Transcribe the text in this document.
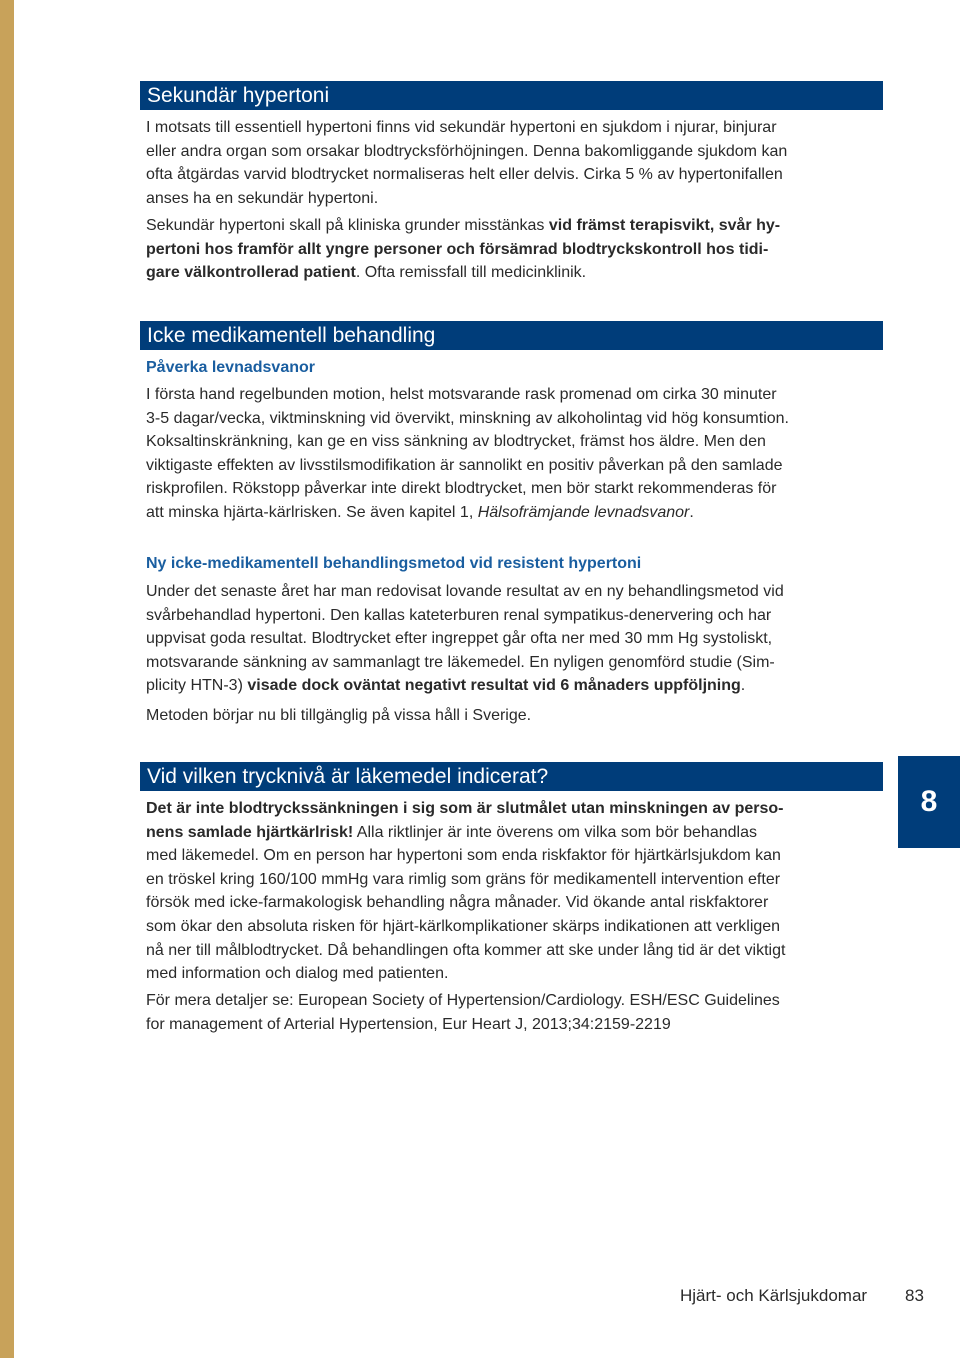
Sekundär hypertoni

I motsats till essentiell hypertoni finns vid sekundär hypertoni en sjukdom i njurar, binjurar
eller andra organ som orsakar blodtrycksförhöjningen. Denna bakomliggande sjukdom kan
ofta åtgärdas varvid blodtrycket normaliseras helt eller delvis. Cirka 5 % av hypertonifallen
anses ha en sekundär hypertoni.

Sekundär hypertoni skall på kliniska grunder misstänkas vid främst terapisvikt, svår hy-
pertoni hos framför allt yngre personer och försämrad blodtryckskontroll hos tidi-
gare välkontrollerad patient. Ofta remissfall till medicinklinik.

Icke medikamentell behandling
Påverka levnadsvanor

I första hand regelbunden motion, helst motsvarande rask promenad om cirka 30 minuter
3-5 dagar/vecka, viktminskning vid övervikt, minskning av alkoholintag vid hög konsumtion.
Koksaltinskränkning, kan ge en viss sänkning av blodtrycket, främst hos äldre. Men den
viktigaste effekten av livsstilsmodifikation är sannolikt en positiv påverkan på den samlade
riskprofilen. Rökstopp påverkar inte direkt blodtrycket, men bör starkt rekommenderas för
att minska hjärta-kärlrisken. Se även kapitel 1, Hälsofrämjande levnadsvanor.

Ny icke-medikamentell behandlingsmetod vid resistent hypertoni

Under det senaste året har man redovisat lovande resultat av en ny behandlingsmetod vid
svårbehandlad hypertoni. Den kallas kateterburen renal sympatikus-denervering och har
uppvisat goda resultat. Blodtrycket efter ingreppet går ofta ner med 30 mm Hg systoliskt,
motsvarande sänkning av sammanlagt tre läkemedel. En nyligen genomförd studie (Sim-
plicity HTN-3) visade dock oväntat negativt resultat vid 6 månaders uppföljning.

Metoden börjar nu bli tillgänglig på vissa håll i Sverige.

Vid vilken trycknivå är läkemedel indicerat?
8

Det är inte blodtryckssänkningen i sig som är slutmålet utan minskningen av perso-
nens samlade hjärtkärlrisk! Alla riktlinjer är inte överens om vilka som bör behandlas
med läkemedel. Om en person har hypertoni som enda riskfaktor för hjärtkärlsjukdom kan
en tröskel kring 160/100 mmHg vara rimlig som gräns för medikamentell intervention efter
försök med icke-farmakologisk behandling några månader. Vid ökande antal riskfaktorer
som ökar den absoluta risken för hjärt-kärlkomplikationer skärps indikationen att verkligen
nå ner till målblodtrycket. Då behandlingen ofta kommer att ske under lång tid är det viktigt
med information och dialog med patienten.

För mera detaljer se: European Society of Hypertension/Cardiology. ESH/ESC Guidelines
for management of Arterial Hypertension, Eur Heart J, 2013;34:2159-2219

Hjärt- och Kärlsjukdomar 83
